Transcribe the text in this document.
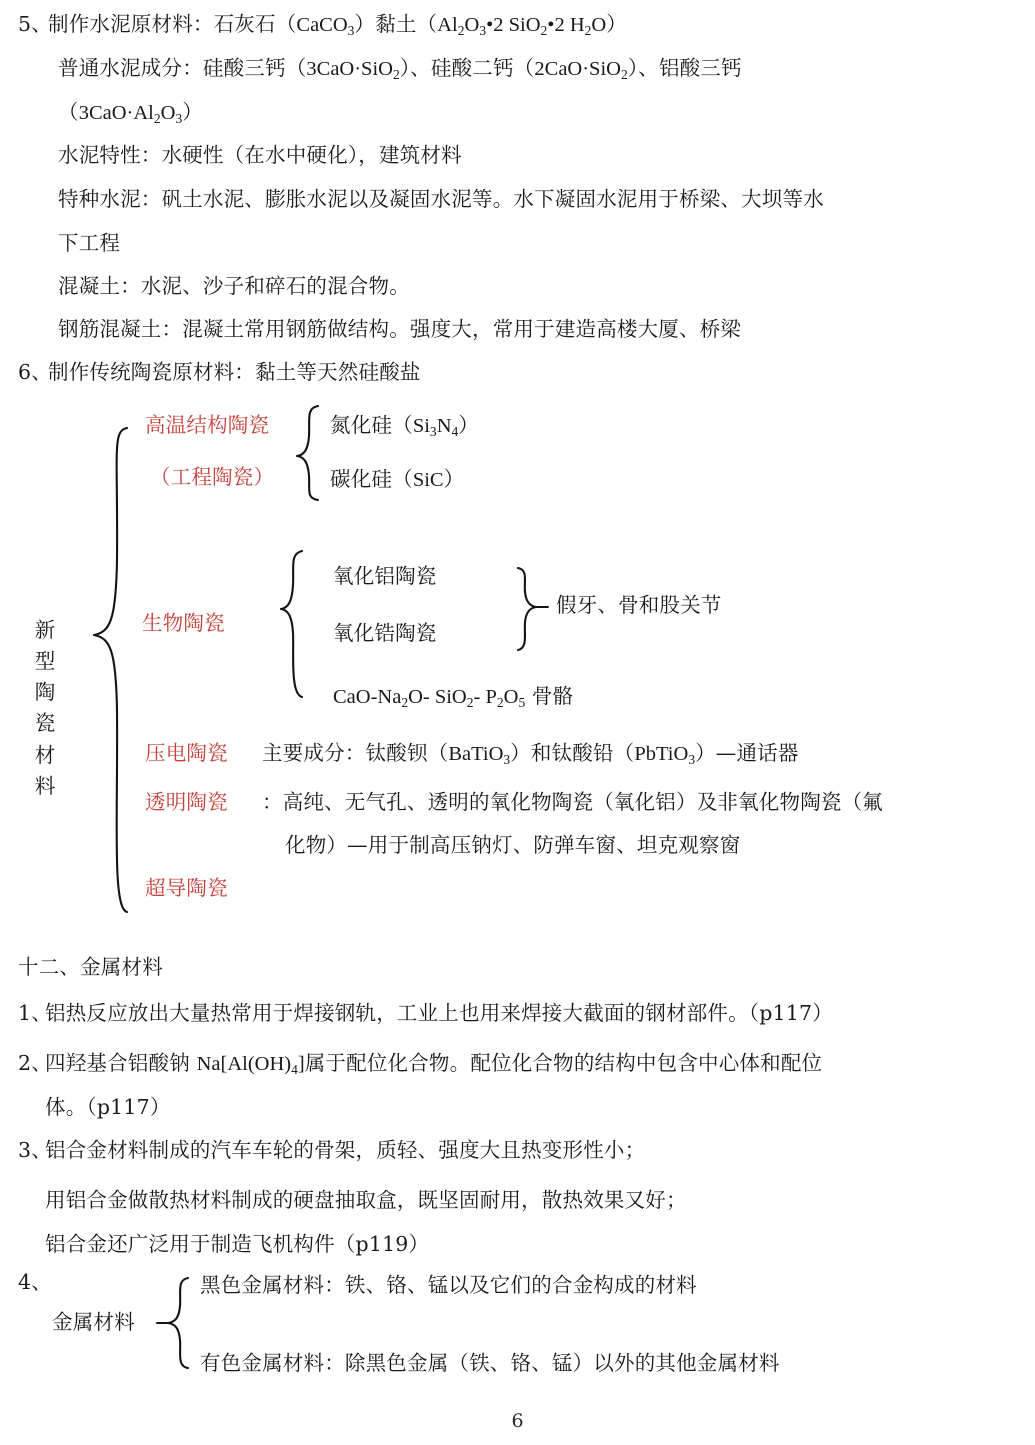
5、
制作水泥原材料：石灰石（CaCO$_3$）黏土（$Al_2O_3•2$ SiO$_2$•2 $H_2O$）
普通水泥成分：硅酸三钙（3CaO·SiO$_2$）、硅酸二钙（2CaO·SiO$_2$）、铝酸三钙
$(3CaO\cdot Al_2O_3)$
水泥特性：水硬性（在水中硬化），建筑材料
特种水泥：矾土水泥、膨胀水泥以及凝固水泥等。水下凝固水泥用于桥梁、大坝等水
下工程
混凝土：水泥、沙子和碎石的混合物。
钢筋混凝土：混凝土常用钢筋做结构。强度大，常用于建造高楼大厦、桥梁
6、
制作传统陶瓷原材料：黏土等天然硅酸盐
新
型
陶
瓷
材
料
高温结构陶瓷
（工程陶瓷）
氮化硅$(Si_3N_4)$
碳化硅（SiC）
生物陶瓷
氧化铝陶瓷
氧化锆陶瓷
假牙、骨和股关节
CaO-$Na_2O-$ SiO$_2$- $P_2O_5$ 骨骼
压电陶瓷 主要成分：钛酸钡（BaTiO$_3$）和钛酸铅（PbTiO$_3$）—通话器
透明陶瓷 ：高纯、无气孔、透明的氧化物陶瓷（氧化铝）及非氧化物陶瓷（氟
化物）—用于制高压钠灯、防弹车窗、坦克观察窗
超导陶瓷
十二、金属材料
1、
铝热反应放出大量热常用于焊接钢轨，工业上也用来焊接大截面的钢材部件。（p117）
2、
四羟基合铝酸钠 $Na[Al(OH)_4]$属于配位化合物。配位化合物的结构中包含中心体和配位
体。（p117）
3、
铝合金材料制成的汽车车轮的骨架，质轻、强度大且热变形性小；
用铝合金做散热材料制成的硬盘抽取盒，既坚固耐用，散热效果又好；
铝合金还广泛用于制造飞机构件（p119）
4、
金属材料
黑色金属材料：铁、铬、锰以及它们的合金构成的材料
有色金属材料：除黑色金属（铁、铬、锰）以外的其他金属材料
6
